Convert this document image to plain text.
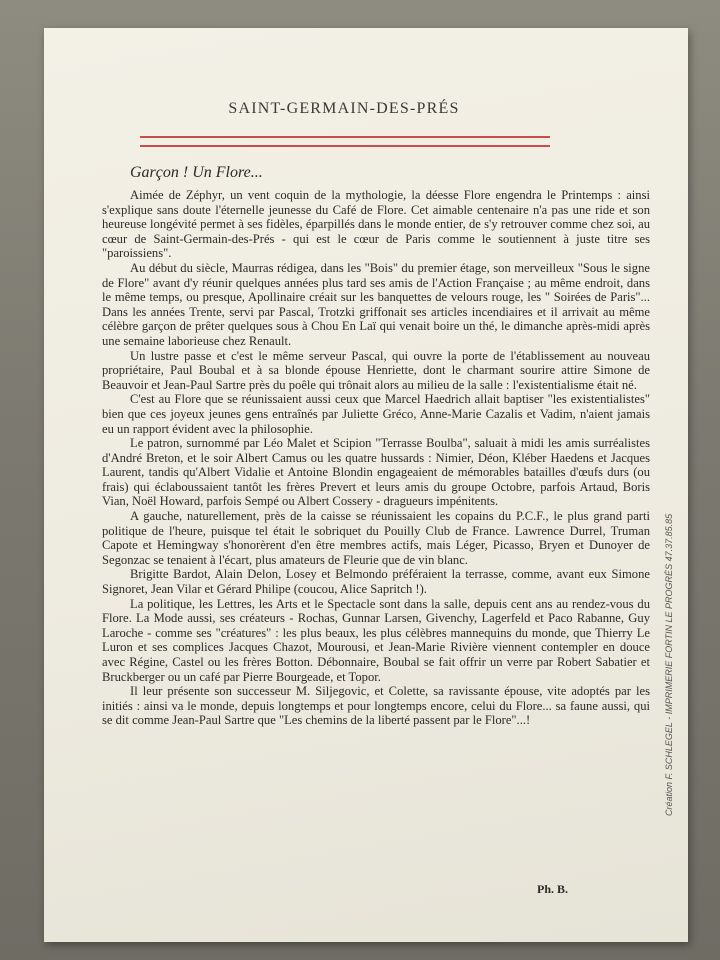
SAINT-GERMAIN-DES-PRÉS
Garçon ! Un Flore...

Aimée de Zéphyr, un vent coquin de la mythologie, la déesse Flore engendra le Printemps : ainsi s'explique sans doute l'éternelle jeunesse du Café de Flore. Cet aimable centenaire n'a pas une ride et son heureuse longévité permet à ses fidèles, éparpillés dans le monde entier, de s'y retrouver comme chez soi, au cœur de Saint-Germain-des-Prés - qui est le cœur de Paris comme le soutiennent à juste titre ses "paroissiens".

Au début du siècle, Maurras rédigea, dans les "Bois" du premier étage, son merveilleux "Sous le signe de Flore" avant d'y réunir quelques années plus tard ses amis de l'Action Française ; au même endroit, dans le même temps, ou presque, Apollinaire créait sur les banquettes de velours rouge, les " Soirées de Paris"... Dans les années Trente, servi par Pascal, Trotzki griffonait ses articles incendiaires et il arrivait au même célèbre garçon de prêter quelques sous à Chou En Laï qui venait boire un thé, le dimanche après-midi après une semaine laborieuse chez Renault.

Un lustre passe et c'est le même serveur Pascal, qui ouvre la porte de l'établissement au nouveau propriétaire, Paul Boubal et à sa blonde épouse Henriette, dont le charmant sourire attire Simone de Beauvoir et Jean-Paul Sartre près du poêle qui trônait alors au milieu de la salle : l'existentialisme était né.

C'est au Flore que se réunissaient aussi ceux que Marcel Haedrich allait baptiser "les existentialistes" bien que ces joyeux jeunes gens entraînés par Juliette Gréco, Anne-Marie Cazalis et Vadim, n'aient jamais eu un rapport évident avec la philosophie.

Le patron, surnommé par Léo Malet et Scipion "Terrasse Boulba", saluait à midi les amis surréalistes d'André Breton, et le soir Albert Camus ou les quatre hussards : Nimier, Déon, Kléber Haedens et Jacques Laurent, tandis qu'Albert Vidalie et Antoine Blondin engageaient de mémorables batailles d'œufs durs (ou frais) qui éclaboussaient tantôt les frères Prevert et leurs amis du groupe Octobre, parfois Artaud, Boris Vian, Noël Howard, parfois Sempé ou Albert Cossery - dragueurs impénitents.

A gauche, naturellement, près de la caisse se réunissaient les copains du P.C.F., le plus grand parti politique de l'heure, puisque tel était le sobriquet du Pouilly Club de France. Lawrence Durrel, Truman Capote et Hemingway s'honorèrent d'en être membres actifs, mais Léger, Picasso, Bryen et Dunoyer de Segonzac se tenaient à l'écart, plus amateurs de Fleurie que de vin blanc.

Brigitte Bardot, Alain Delon, Losey et Belmondo préféraient la terrasse, comme, avant eux Simone Signoret, Jean Vilar et Gérard Philipe (coucou, Alice Sapritch !).

La politique, les Lettres, les Arts et le Spectacle sont dans la salle, depuis cent ans au rendez-vous du Flore. La Mode aussi, ses créateurs - Rochas, Gunnar Larsen, Givenchy, Lagerfeld et Paco Rabanne, Guy Laroche - comme ses "créatures" : les plus beaux, les plus célèbres mannequins du monde, que Thierry Le Luron et ses complices Jacques Chazot, Mourousi, et Jean-Marie Rivière viennent contempler en douce avec Régine, Castel ou les frères Botton. Débonnaire, Boubal se fait offrir un verre par Robert Sabatier et Bruckberger ou un café par Pierre Bourgeade, et Topor.

Il leur présente son successeur M. Siljegovic, et Colette, sa ravissante épouse, vite adoptés par les initiés : ainsi va le monde, depuis longtemps et pour longtemps encore, celui du Flore... sa faune aussi, qui se dit comme Jean-Paul Sartre que "Les chemins de la liberté passent par le Flore"...!

Ph. B.
Création F. SCHLEGEL - IMPRIMERIE FORTIN LE PROGRÈS 47.37.85.85
